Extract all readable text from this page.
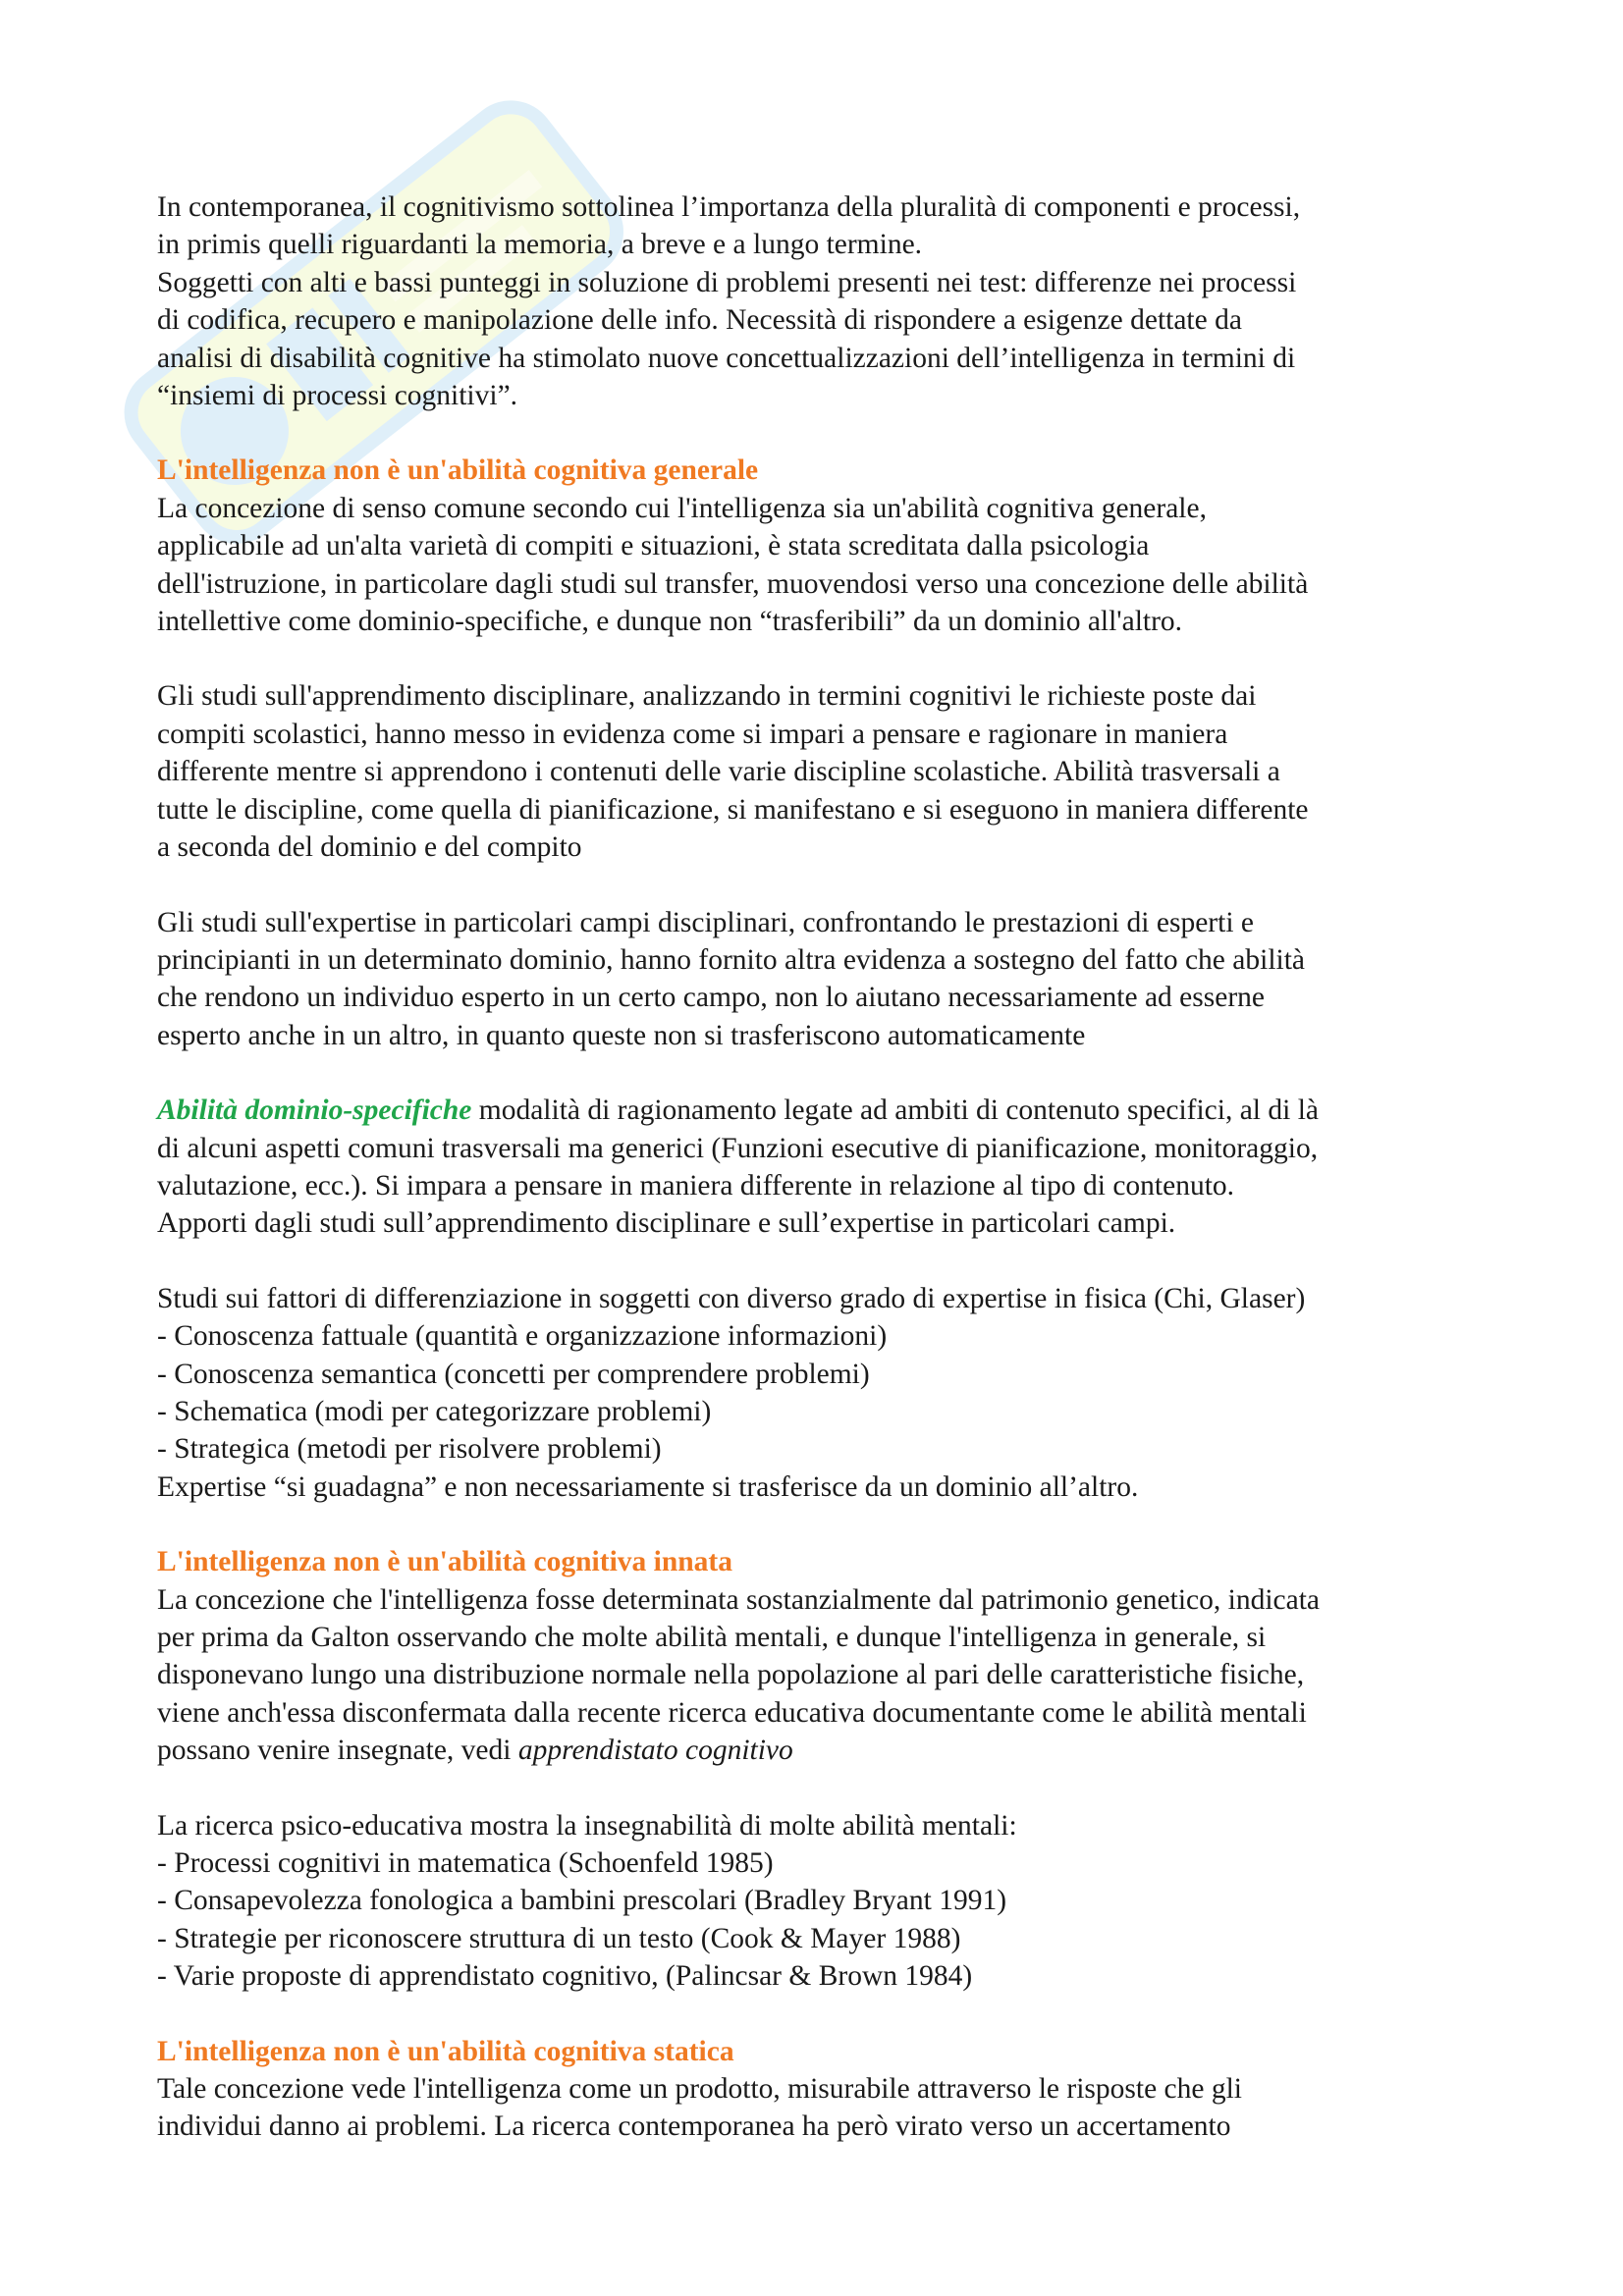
In contemporanea, il cognitivismo sottolinea l’importanza della pluralità di componenti e processi,

in primis quelli riguardanti la memoria, a breve e a lungo termine.

Soggetti con alti e bassi punteggi in soluzione di problemi presenti nei test: differenze nei processi

di codifica, recupero e manipolazione delle info. Necessità di rispondere a esigenze dettate da

analisi di disabilità cognitive ha stimolato nuove concettualizzazioni dell’intelligenza in termini di

“insiemi di processi cognitivi”.

L'intelligenza non è un'abilità cognitiva generale

La concezione di senso comune secondo cui l'intelligenza sia un'abilità cognitiva generale,

applicabile ad un'alta varietà di compiti e situazioni, è stata screditata dalla psicologia

dell'istruzione, in particolare dagli studi sul transfer, muovendosi verso una concezione delle abilità

intellettive come dominio-specifiche, e dunque non “trasferibili” da un dominio all'altro.

Gli studi sull'apprendimento disciplinare, analizzando in termini cognitivi le richieste poste dai

compiti scolastici, hanno messo in evidenza come si impari a pensare e ragionare in maniera

differente mentre si apprendono i contenuti delle varie discipline scolastiche. Abilità trasversali a

tutte le discipline, come quella di pianificazione, si manifestano e si eseguono in maniera differente

a seconda del dominio e del compito

Gli studi sull'expertise in particolari campi disciplinari, confrontando le prestazioni di esperti e

principianti in un determinato dominio, hanno fornito altra evidenza a sostegno del fatto che abilità

che rendono un individuo esperto in un certo campo, non lo aiutano necessariamente ad esserne

esperto anche in un altro, in quanto queste non si trasferiscono automaticamente

Abilità dominio-specifiche modalità di ragionamento legate ad ambiti di contenuto specifici, al di là

di alcuni aspetti comuni trasversali ma generici (Funzioni esecutive di pianificazione, monitoraggio,

valutazione, ecc.). Si impara a pensare in maniera differente in relazione al tipo di contenuto.

Apporti dagli studi sull’apprendimento disciplinare e sull’expertise in particolari campi.

Studi sui fattori di differenziazione in soggetti con diverso grado di expertise in fisica (Chi, Glaser)

- Conoscenza fattuale (quantità e organizzazione informazioni)

- Conoscenza semantica (concetti per comprendere problemi)

- Schematica (modi per categorizzare problemi)

- Strategica (metodi per risolvere problemi)

Expertise “si guadagna” e non necessariamente si trasferisce da un dominio all’altro.

L'intelligenza non è un'abilità cognitiva innata

La concezione che l'intelligenza fosse determinata sostanzialmente dal patrimonio genetico, indicata

per prima da Galton osservando che molte abilità mentali, e dunque l'intelligenza in generale, si

disponevano lungo una distribuzione normale nella popolazione al pari delle caratteristiche fisiche,

viene anch'essa disconfermata dalla recente ricerca educativa documentante come le abilità mentali

possano venire insegnate, vedi apprendistato cognitivo

La ricerca psico-educativa mostra la insegnabilità di molte abilità mentali:

- Processi cognitivi in matematica (Schoenfeld 1985)

- Consapevolezza fonologica a bambini prescolari (Bradley Bryant 1991)

- Strategie per riconoscere struttura di un testo (Cook & Mayer 1988)

- Varie proposte di apprendistato cognitivo, (Palincsar & Brown 1984)

L'intelligenza non è un'abilità cognitiva statica

Tale concezione vede l'intelligenza come un prodotto, misurabile attraverso le risposte che gli

individui danno ai problemi. La ricerca contemporanea ha però virato verso un accertamento
